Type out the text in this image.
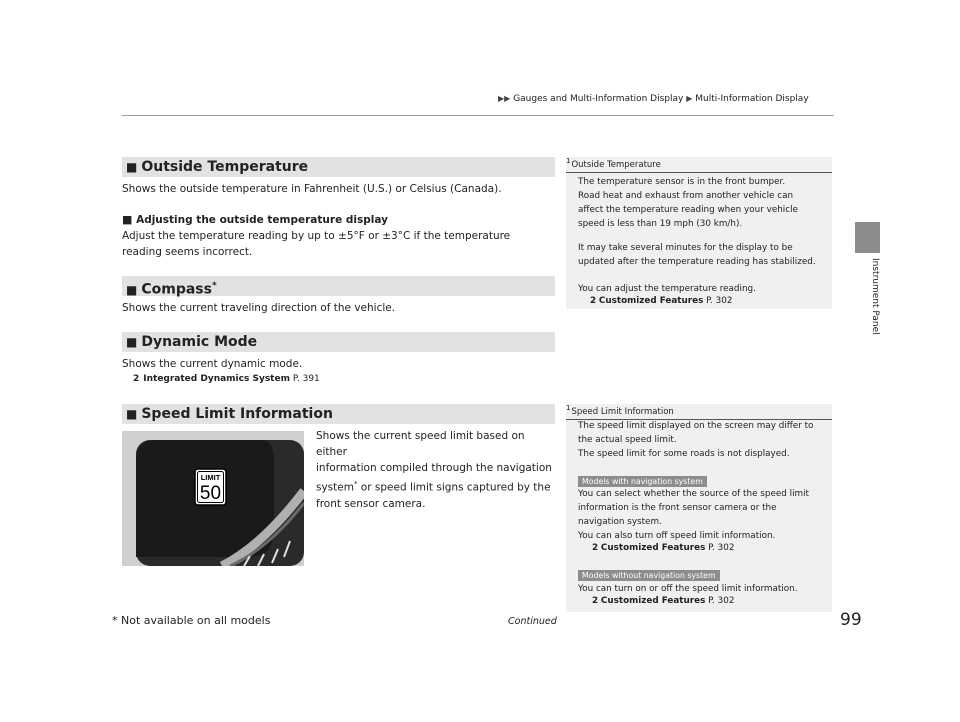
▶▶ Gauges and Multi-Information Display ▶ Multi-Information Display
Instrument Panel
■ Outside Temperature
Shows the outside temperature in Fahrenheit (U.S.) or Celsius (Canada).
■ Adjusting the outside temperature display
Adjust the temperature reading by up to ±5°F or ±3°C if the temperature reading seems incorrect.
■ Compass*
Shows the current traveling direction of the vehicle.
■ Dynamic Mode
Shows the current dynamic mode.
2 Integrated Dynamics System P. 391
■ Speed Limit Information
LIMIT
50
Shows the current speed limit based on either
information compiled through the navigation
system* or speed limit signs captured by the
front sensor camera.
$^1$Outside Temperature
The temperature sensor is in the front bumper.
Road heat and exhaust from another vehicle can
affect the temperature reading when your vehicle
speed is less than 19 mph (30 km/h).
It may take several minutes for the display to be
updated after the temperature reading has stabilized.
You can adjust the temperature reading.
2 Customized Features P. 302
$^1$Speed Limit Information
The speed limit displayed on the screen may differ to
the actual speed limit.
The speed limit for some roads is not displayed.
You can select whether the source of the speed limit
information is the front sensor camera or the
navigation system.
You can also turn off speed limit information.
2 Customized Features P. 302
You can turn on or off the speed limit information.
2 Customized Features P. 302
Models with navigation system
Models without navigation system
* Not available on all models	Continued	99
